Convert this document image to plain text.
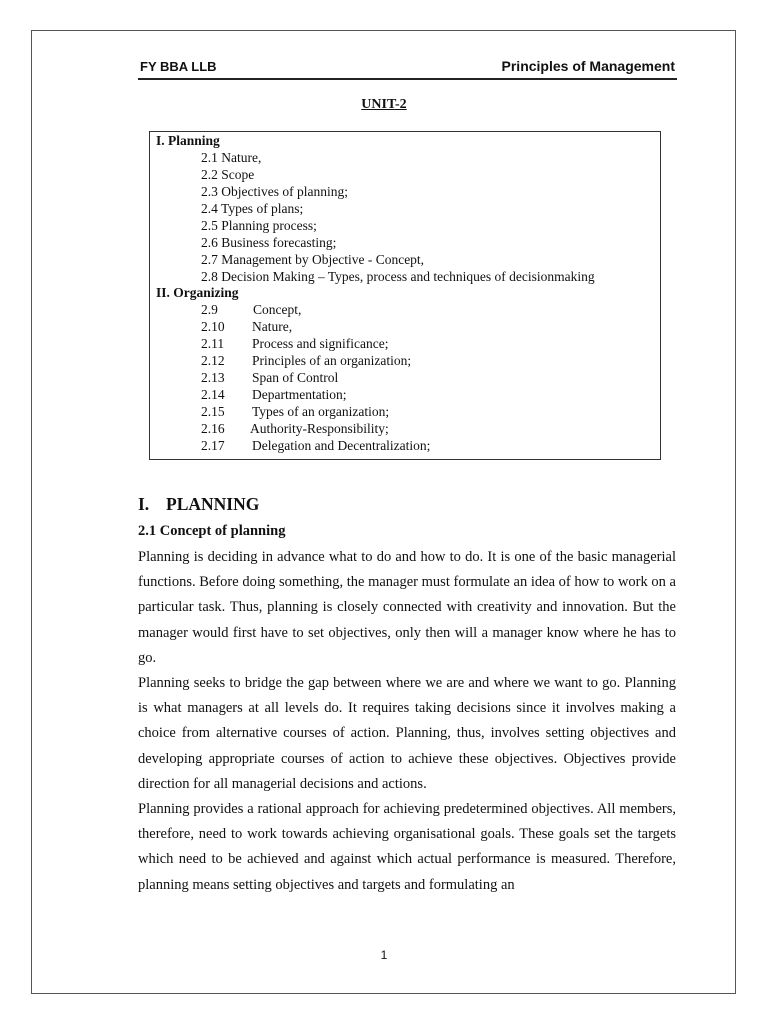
FY BBA LLB	Principles of Management
UNIT-2
I. Planning
2.1 Nature,
2.2 Scope
2.3 Objectives of planning;
2.4 Types of plans;
2.5 Planning process;
2.6 Business forecasting;
2.7 Management by Objective - Concept,
2.8 Decision Making – Types, process and techniques of decisionmaking
II. Organizing
2.9	Concept,
2.10 Nature,
2.11 Process and significance;
2.12 Principles of an organization;
2.13 Span of Control
2.14 Departmentation;
2.15 Types of an organization;
2.16 Authority-Responsibility;
2.17 Delegation and Decentralization;
I. PLANNING
2.1 Concept of planning

Planning is deciding in advance what to do and how to do. It is one of the basic managerial functions. Before doing something, the manager must formulate an idea of how to work on a particular task. Thus, planning is closely connected with creativity and innovation. But the manager would first have to set objectives, only then will a manager know where he has to go.

Planning seeks to bridge the gap between where we are and where we want to go. Planning is what managers at all levels do. It requires taking decisions since it involves making a choice from alternative courses of action. Planning, thus, involves setting objectives and developing appropriate courses of action to achieve these objectives. Objectives provide direction for all managerial decisions and actions.

Planning provides a rational approach for achieving predetermined objectives. All members, therefore, need to work towards achieving organisational goals. These goals set the targets which need to be achieved and against which actual performance is measured. Therefore, planning means setting objectives and targets and formulating an

1
